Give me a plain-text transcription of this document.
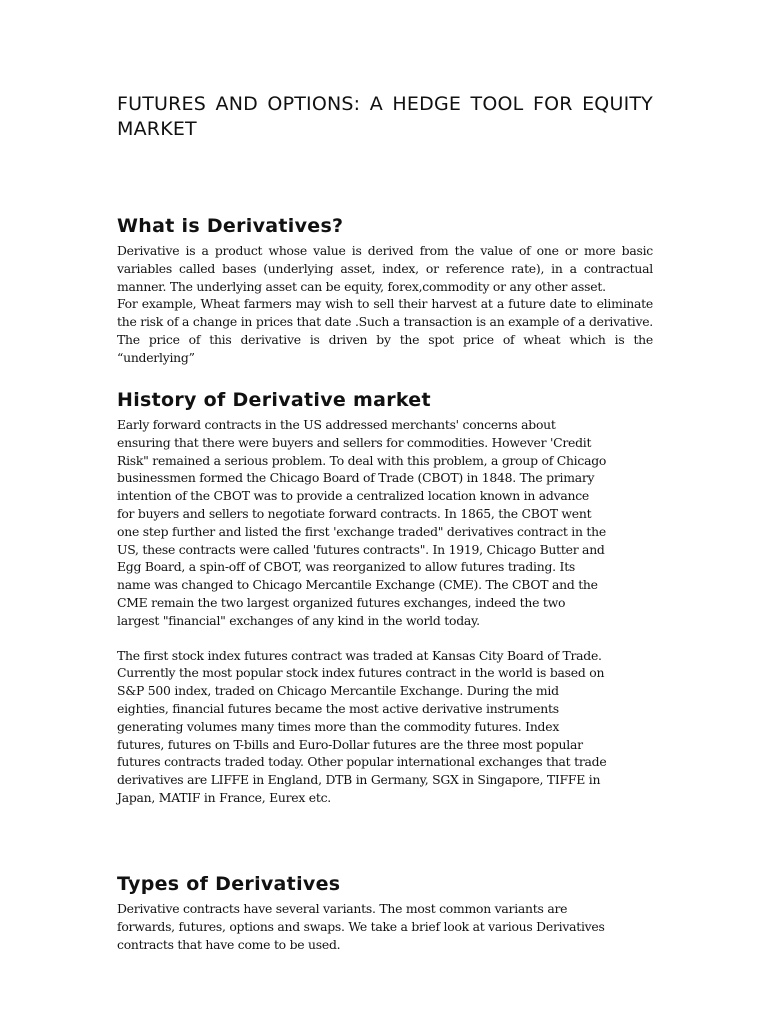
FUTURES AND OPTIONS: A HEDGE TOOL FOR EQUITY MARKET
What is Derivatives?

Derivative is a product whose value is derived from the value of one or more basic variables called bases (underlying asset, index, or reference rate), in a contractual manner. The underlying asset can be equity, forex,commodity or any other asset.

For example, Wheat farmers may wish to sell their harvest at a future date to eliminate the risk of a change in prices that date .Such a transaction is an example of a derivative. The price of this derivative is driven by the spot price of wheat which is the “underlying”

History of Derivative market

Early forward contracts in the US addressed merchants' concerns about ensuring that there were buyers and sellers for commodities. However 'Credit Risk" remained a serious problem. To deal with this problem, a group of Chicago businessmen formed the Chicago Board of Trade (CBOT) in 1848. The primary intention of the CBOT was to provide a centralized location known in advance for buyers and sellers to negotiate forward contracts. In 1865, the CBOT went one step further and listed the first 'exchange traded" derivatives contract in the US, these contracts were called 'futures contracts". In 1919, Chicago Butter and Egg Board, a spin-off of CBOT, was reorganized to allow futures trading. Its name was changed to Chicago Mercantile Exchange (CME). The CBOT and the CME remain the two largest organized futures exchanges, indeed the two largest "financial" exchanges of any kind in the world today.

The first stock index futures contract was traded at Kansas City Board of Trade. Currently the most popular stock index futures contract in the world is based on S&P 500 index, traded on Chicago Mercantile Exchange. During the mid eighties, financial futures became the most active derivative instruments generating volumes many times more than the commodity futures. Index futures, futures on T-bills and Euro-Dollar futures are the three most popular futures contracts traded today. Other popular international exchanges that trade derivatives are LIFFE in England, DTB in Germany, SGX in Singapore, TIFFE in Japan, MATIF in France, Eurex etc.

Types of Derivatives

Derivative contracts have several variants. The most common variants are forwards, futures, options and swaps. We take a brief look at various Derivatives contracts that have come to be used.
